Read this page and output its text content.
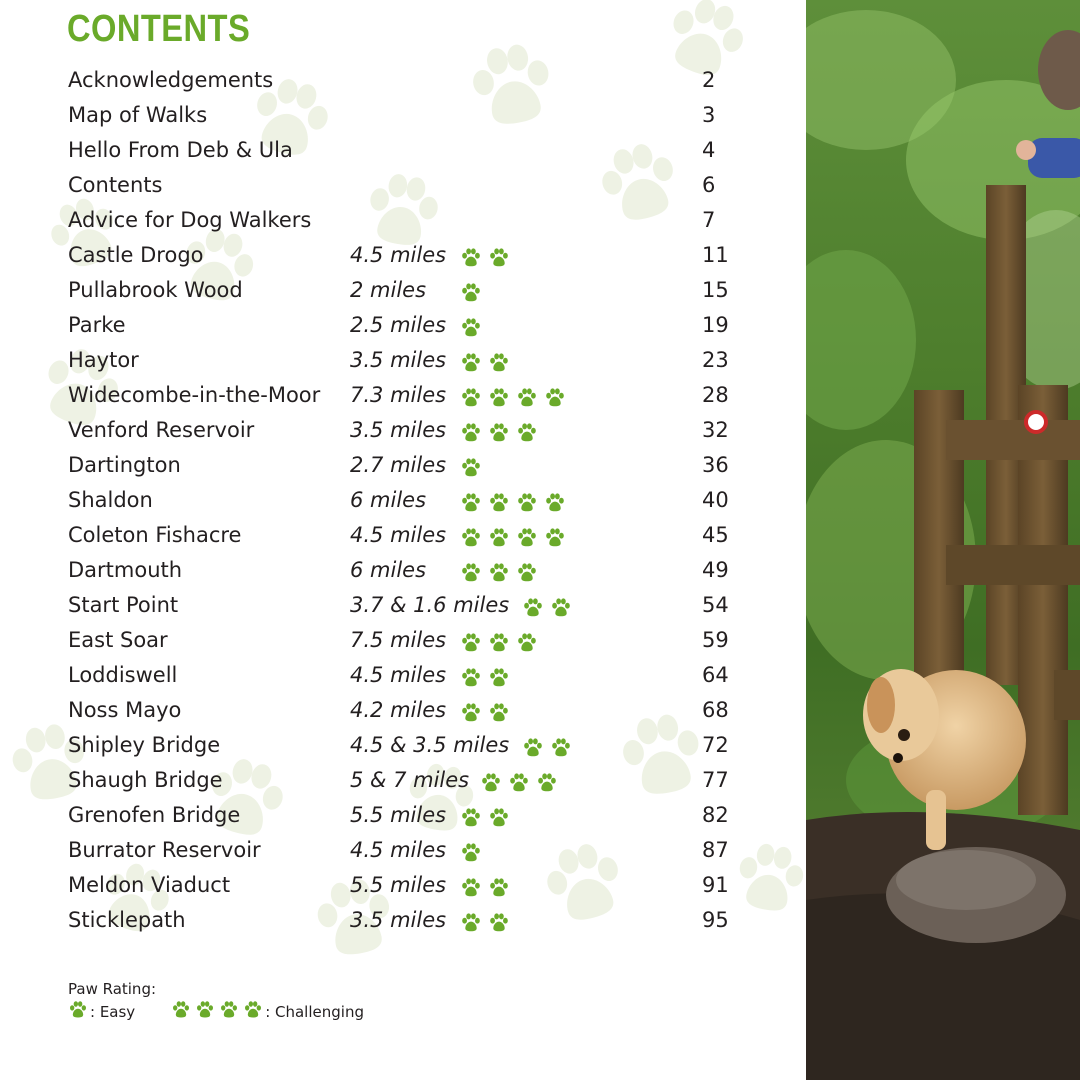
CONTENTS
Acknowledgements	2
Map of Walks	3
Hello From Deb & Ula	4
Contents	6
Advice for Dog Walkers	7
Castle Drogo	4.5 miles	11
Pullabrook Wood	2 miles	15
Parke	2.5 miles	19
Haytor	3.5 miles	23
Widecombe-in-the-Moor 7.3 miles	28
Venford Reservoir	3.5 miles	32
Dartington	2.7 miles	36
Shaldon	6 miles	40
Coleton Fishacre	4.5 miles	45
Dartmouth	6 miles	49
Start Point	3.7 & 1.6 miles	54
East Soar	7.5 miles	59
Loddiswell	4.5 miles	64
Noss Mayo	4.2 miles	68
Shipley Bridge	4.5 & 3.5 miles	72
Shaugh Bridge	5 & 7 miles	77
Grenofen Bridge	5.5 miles	82
Burrator Reservoir	4.5 miles	87
Meldon Viaduct	5.5 miles	91
Sticklepath	3.5 miles	95
Paw Rating:
: Easy	: Challenging
